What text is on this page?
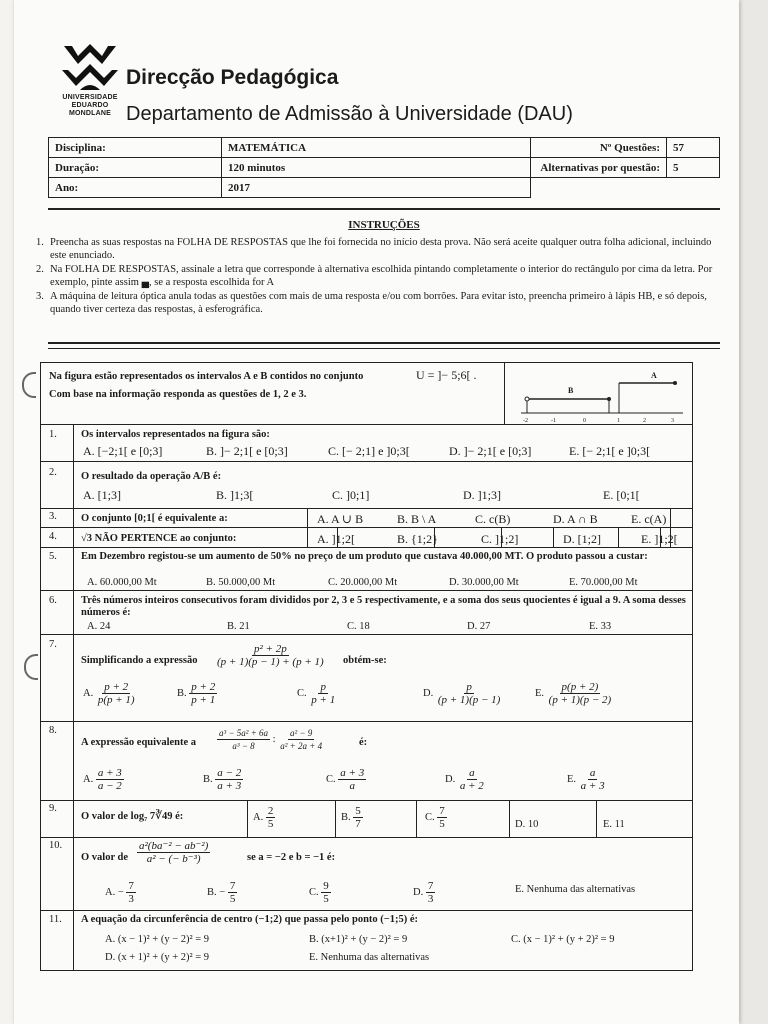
UNIVERSIDADE
EDUARDO
MONDLANE
Direcção Pedagógica
Departamento de Admissão à Universidade (DAU)
Disciplina:	MATEMÁTICA	Nº Questões:	57
Duração:	120 minutos	Alternativas por questão:	5
Ano:	2017		
INSTRUÇÕES
1. Preencha as suas respostas na FOLHA DE RESPOSTAS que lhe foi fornecida no início desta prova. Não será aceite qualquer outra folha adicional, incluindo este enunciado.
2. Na FOLHA DE RESPOSTAS, assinale a letra que corresponde à alternativa escolhida pintando completamente o interior do rectângulo por cima da letra. Por exemplo, pinte assim ▄, se a resposta escolhida for A
3. A máquina de leitura óptica anula todas as questões com mais de uma resposta e/ou com borrões. Para evitar isto, preencha primeiro à lápis HB, e só depois, quando tiver certeza das respostas, à esferográfica.
Na figura estão representados os intervalos A e B contidos no conjunto	U = ]− 5;6[ .
Com base na informação responda as questões de 1, 2 e 3.
A
B
-2	-1	0	1	2	3
1. Os intervalos representados na figura são:
A. [−2;1[ e [0;3]	B. ]− 2;1[ e [0;3]	C. [− 2;1] e ]0;3[	D. ]− 2;1[ e [0;3]	E. [− 2;1[ e ]0;3[
2. O resultado da operação A/B é:
A. [1;3]	B. ]1;3[	C. ]0;1]	D. ]1;3]	E. [0;1[
3. O conjunto [0;1[ é equivalente a:	A. A ∪ B	B. B \ A	C. c(B)	D. A ∩ B	E. c(A)
4. √3 NÃO PERTENCE ao conjunto:	A. ]1;2[	B. {1;2}	C. ]1;2]	D. [1;2]	E. ]1;2[
5. Em Dezembro registou-se um aumento de 50% no preço de um produto que custava 40.000,00 MT. O produto passou a custar:
A. 60.000,00 Mt	B. 50.000,00 Mt	C. 20.000,00 Mt	D. 30.000,00 Mt	E. 70.000,00 Mt
6. Três números inteiros consecutivos foram divididos por 2, 3 e 5 respectivamente, e a soma dos seus quocientes é igual a 9. A soma desses números é:
A. 24	B. 21	C. 18	D. 27	E. 33
7.
Simplificando a expressão $\frac{\text{p² + 2p}}{(p + 1)(p - 1) + (p + 1)}$ obtém-se:
A. $\frac{p + 2}{p(p + 1)}$	B. $\frac{p + 2}{p + 1}$	C. $\frac{p}{p + 1}$	D. $\frac{p}{(p + 1)(p - 1)}$	E. $\frac{p(p + 2)}{(p + 1)(p - 2)}$
8.
A expressão equivalente a $\frac{\text{a³ − 5a² + 6a}}{\text{a³ − 8}}$ : $\frac{\text{a² − 9}}{\text{a² + 2a + 4}}$	é:
A. $\frac{a + 3}{a - 2}$	B. $\frac{a - 2}{a + 3}$	C. $\frac{a + 3}{a}$	D. $\frac{a}{a + 2}$	E. $\frac{a}{a + 3}$
9.
O valor de log₇ 7∛49 é:	A. $\frac{2}{5}$	B. $\frac{5}{7}$	C. $\frac{7}{5}$	D. 10	E. 11
10.
O valor de $\frac{\text{a²(ba⁻² − ab⁻²)}}{\text{a² − (− b⁻³)}}$	se a = −2 e b = −1 é:
A. − $\frac{7}{3}$	B. − $\frac{7}{5}$	C. $\frac{9}{5}$	D. $\frac{7}{3}$	E. Nenhuma das alternativas
11. A equação da circunferência de centro (−1;2) que passa pelo ponto (−1;5) é:
A. (x − 1)² + (y − 2)² = 9	B. (x+1)² + (y − 2)² = 9	C. (x − 1)² + (y + 2)² = 9
D. (x + 1)² + (y + 2)² = 9	E. Nenhuma das alternativas
